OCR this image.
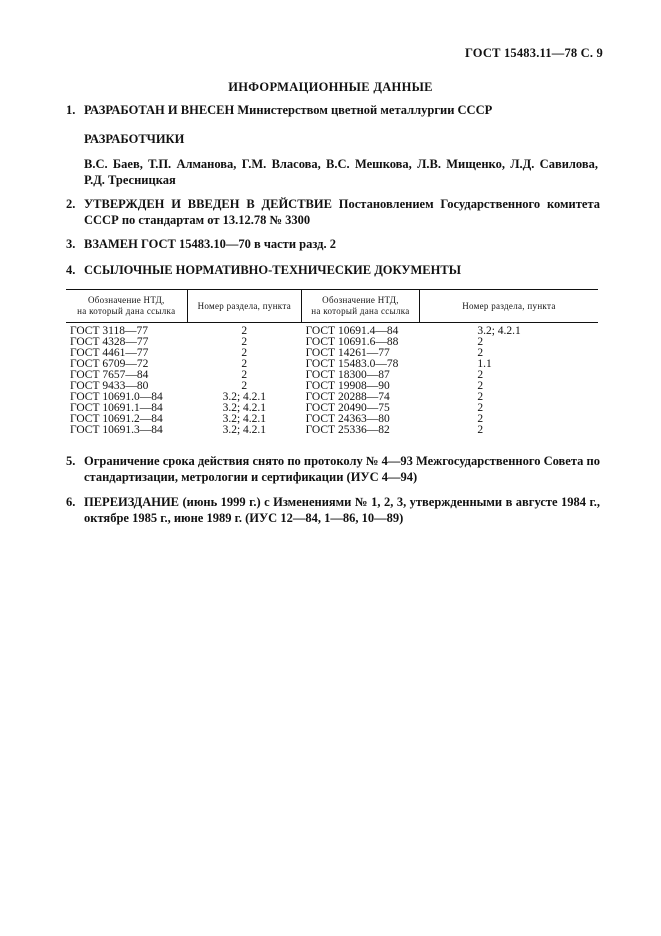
ГОСТ 15483.11—78 С. 9
ИНФОРМАЦИОННЫЕ ДАННЫЕ
1. РАЗРАБОТАН И ВНЕСЕН Министерством цветной металлургии СССР
РАЗРАБОТЧИКИ
В.С. Баев, Т.П. Алманова, Г.М. Власова, В.С. Мешкова, Л.В. Мищенко, Л.Д. Савилова, Р.Д. Тресницкая
2. УТВЕРЖДЕН И ВВЕДЕН В ДЕЙСТВИЕ Постановлением Государственного комитета СССР по стандартам от 13.12.78 № 3300
3. ВЗАМЕН ГОСТ 15483.10—70 в части разд. 2
4. ССЫЛОЧНЫЕ НОРМАТИВНО-ТЕХНИЧЕСКИЕ ДОКУМЕНТЫ
Обозначение НТД,
на который дана ссылка	Номер раздела, пункта	Обозначение НТД,
на который дана ссылка	Номер раздела, пункта
ГОСТ 3118—77	2	ГОСТ 10691.4—84	3.2; 4.2.1
ГОСТ 4328—77	2	ГОСТ 10691.6—88	2
ГОСТ 4461—77	2	ГОСТ 14261—77	2
ГОСТ 6709—72	2	ГОСТ 15483.0—78	1.1
ГОСТ 7657—84	2	ГОСТ 18300—87	2
ГОСТ 9433—80	2	ГОСТ 19908—90	2
ГОСТ 10691.0—84	3.2; 4.2.1	ГОСТ 20288—74	2
ГОСТ 10691.1—84	3.2; 4.2.1	ГОСТ 20490—75	2
ГОСТ 10691.2—84	3.2; 4.2.1	ГОСТ 24363—80	2
ГОСТ 10691.3—84	3.2; 4.2.1	ГОСТ 25336—82	2
5. Ограничение срока действия снято по протоколу № 4—93 Межгосударственного Совета по стандартизации, метрологии и сертификации (ИУС 4—94)
6. ПЕРЕИЗДАНИЕ (июнь 1999 г.) с Изменениями № 1, 2, 3, утвержденными в августе 1984 г., октябре 1985 г., июне 1989 г. (ИУС 12—84, 1—86, 10—89)
